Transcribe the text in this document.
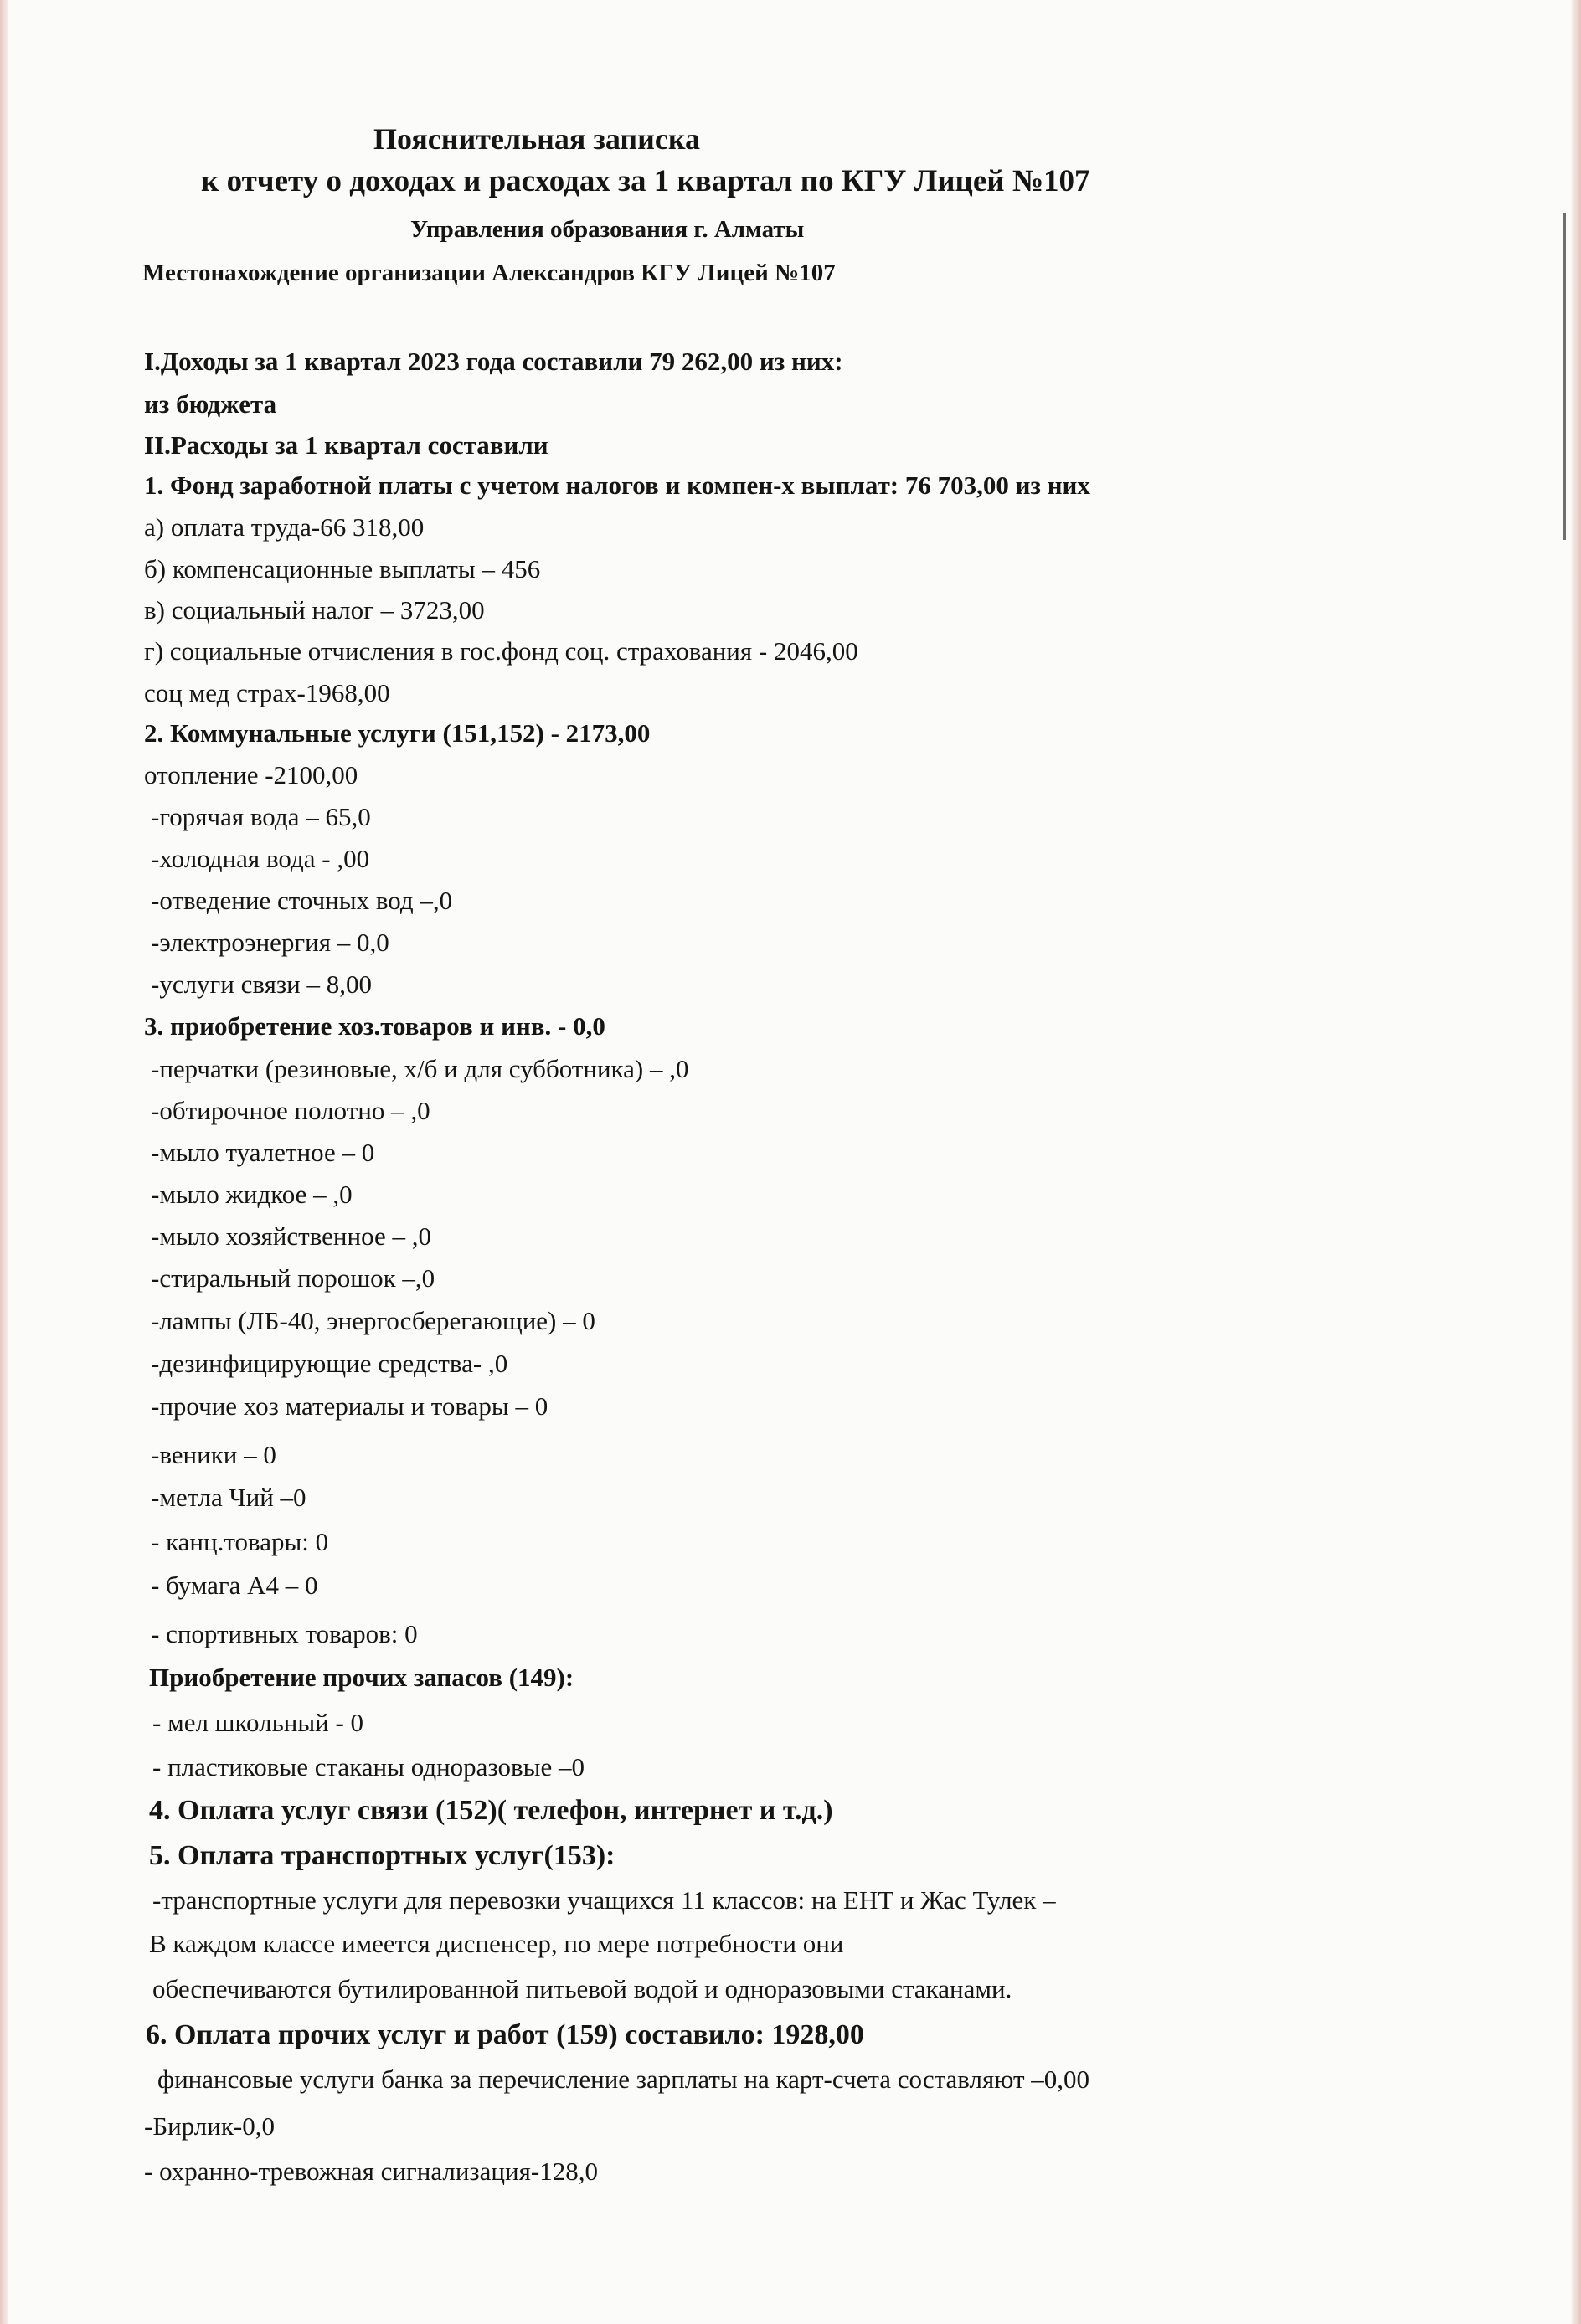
Пояснительная записка
к отчету о доходах и расходах за 1 квартал по КГУ Лицей №107
Управления образования г. Алматы
Местонахождение организации Александров КГУ Лицей №107
I.Доходы за 1 квартал 2023 года составили 79 262,00 из них:
из бюджета
II.Расходы за 1 квартал составили
1. Фонд заработной платы с учетом налогов и компен-х выплат: 76 703,00 из них
а) оплата труда-66 318,00
б) компенсационные выплаты – 456
в) социальный налог – 3723,00
г) социальные отчисления в гос.фонд соц. страхования - 2046,00
соц мед страх-1968,00
2. Коммунальные услуги (151,152) - 2173,00
отопление -2100,00
-горячая вода – 65,0
-холодная вода - ,00
-отведение сточных вод –,0
-электроэнергия – 0,0
-услуги связи – 8,00
3. приобретение хоз.товаров и инв. - 0,0
-перчатки (резиновые, х/б и для субботника) – ,0
-обтирочное полотно – ,0
-мыло туалетное – 0
-мыло жидкое – ,0
-мыло хозяйственное – ,0
-стиральный порошок –,0
-лампы (ЛБ-40, энергосберегающие) – 0
-дезинфицирующие средства- ,0
-прочие хоз материалы и товары – 0
-веники – 0
-метла Чий –0
- канц.товары: 0
- бумага А4 – 0
- спортивных товаров: 0
Приобретение прочих запасов (149):
- мел школьный - 0
- пластиковые стаканы одноразовые –0
4. Оплата услуг связи (152)( телефон, интернет и т.д.)
5. Оплата транспортных услуг(153):
-транспортные услуги для перевозки учащихся 11 классов: на ЕНТ и Жас Тулек –
В каждом классе имеется диспенсер, по мере потребности они
обеспечиваются бутилированной питьевой водой и одноразовыми стаканами.
6. Оплата прочих услуг и работ (159) составило: 1928,00
финансовые услуги банка за перечисление зарплаты на карт-счета составляют –0,00
-Бирлик-0,0
- охранно-тревожная сигнализация-128,0
